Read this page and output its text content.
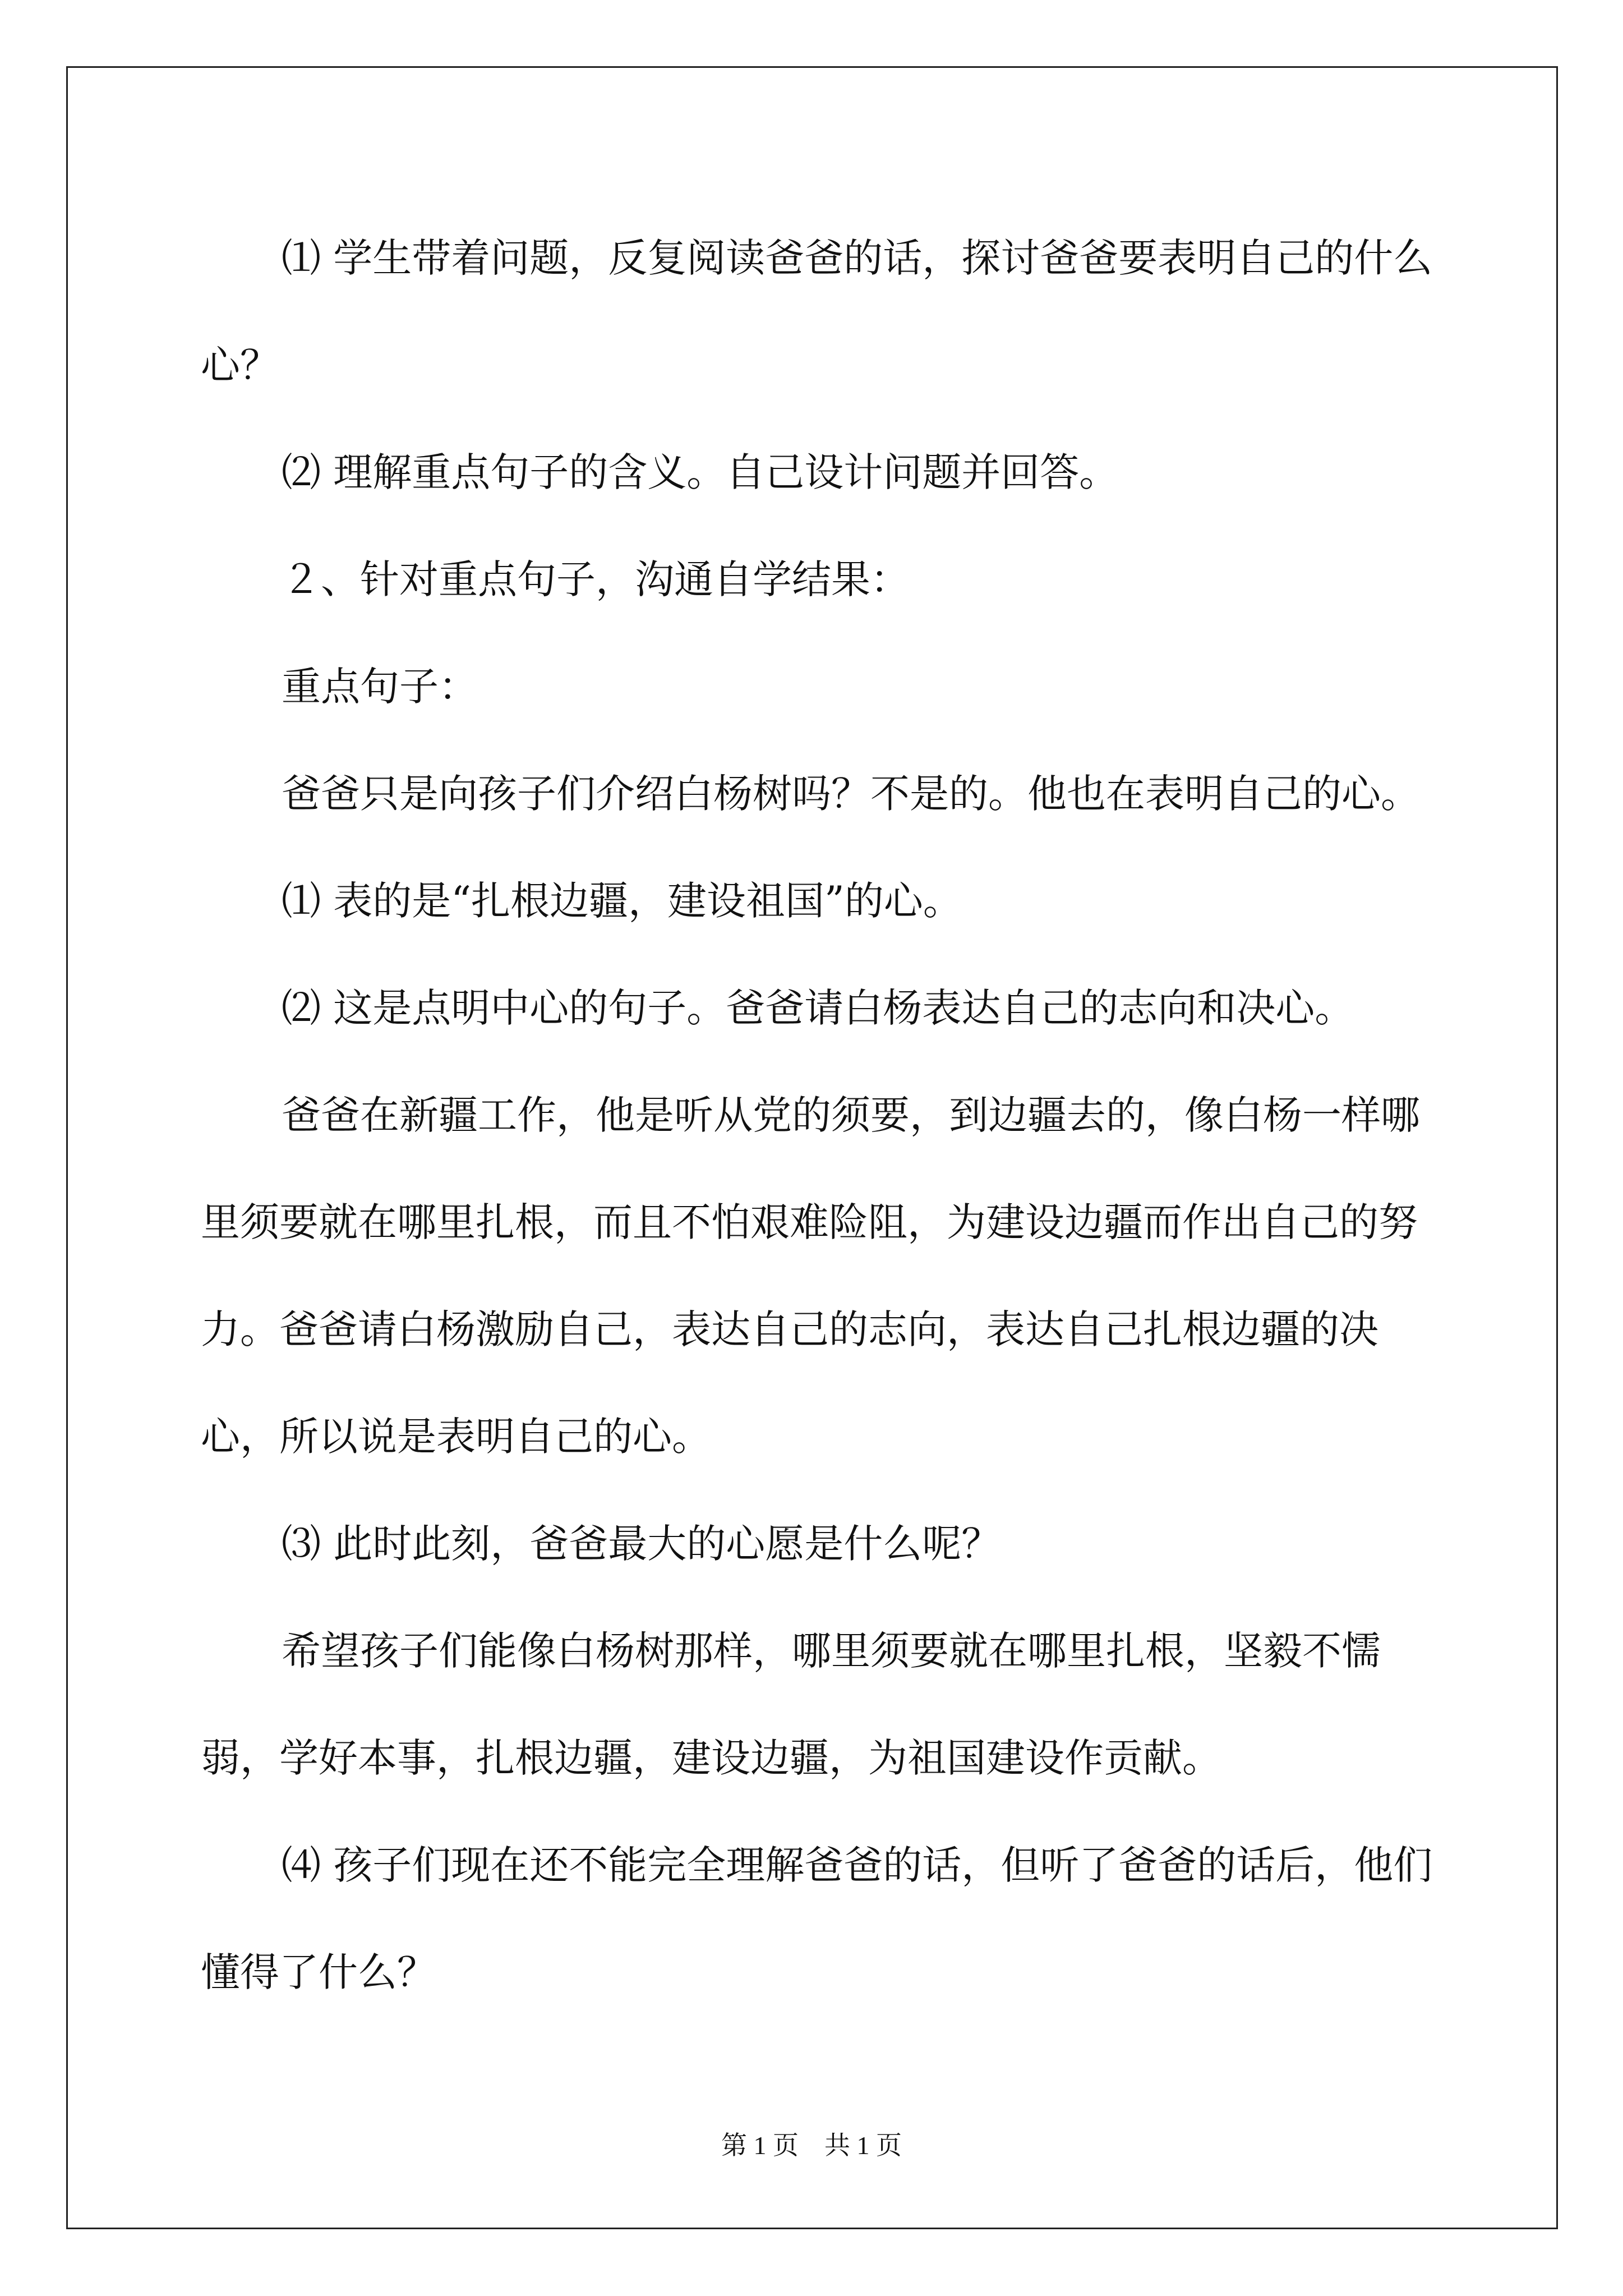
⑴ 学生带着问题，反复阅读爸爸的话，探讨爸爸要表明自己的什么心？

⑵ 理解重点句子的含义。自己设计问题并回答。

２、针对重点句子，沟通自学结果：

重点句子：

爸爸只是向孩子们介绍白杨树吗？不是的。他也在表明自己的心。

⑴ 表的是“扎根边疆，建设祖国”的心。

⑵ 这是点明中心的句子。爸爸请白杨表达自己的志向和决心。

爸爸在新疆工作，他是听从党的须要，到边疆去的，像白杨一样哪里须要就在哪里扎根，而且不怕艰难险阻，为建设边疆而作出自己的努力。爸爸请白杨激励自己，表达自己的志向，表达自己扎根边疆的决心，所以说是表明自己的心。

⑶ 此时此刻，爸爸最大的心愿是什么呢？

希望孩子们能像白杨树那样，哪里须要就在哪里扎根，坚毅不懦弱，学好本事，扎根边疆，建设边疆，为祖国建设作贡献。

⑷ 孩子们现在还不能完全理解爸爸的话，但听了爸爸的话后，他们懂得了什么？

第 1 页　共 1 页
